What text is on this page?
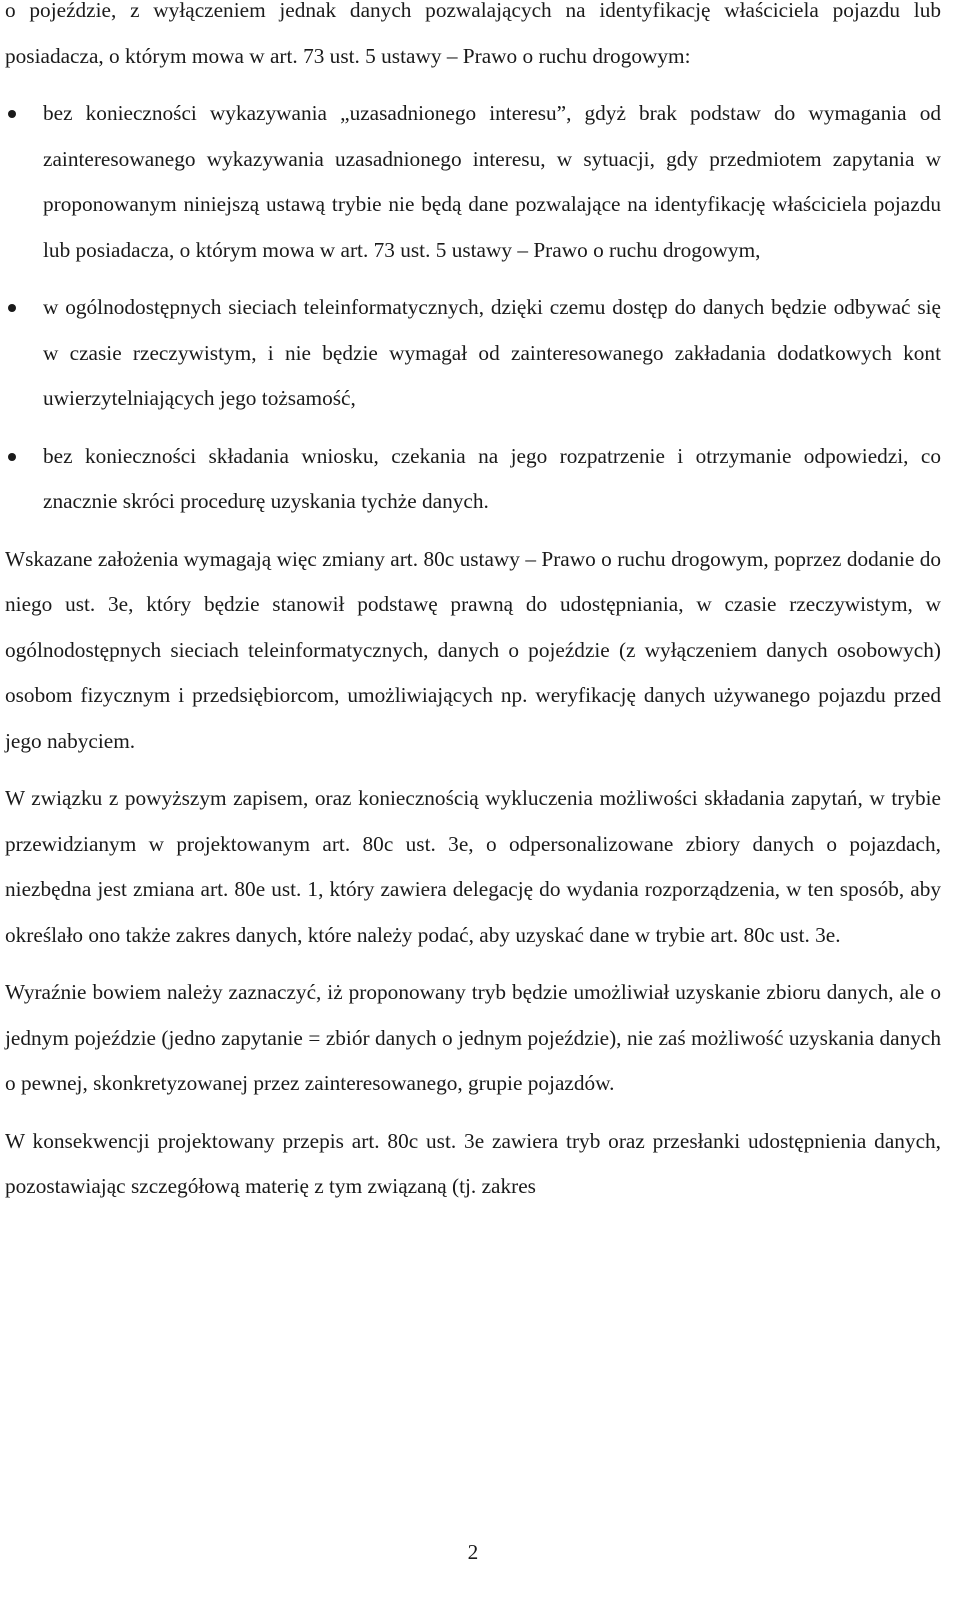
o pojeździe, z wyłączeniem jednak danych pozwalających na identyfikację właściciela pojazdu lub posiadacza, o którym mowa w art. 73 ust. 5 ustawy – Prawo o ruchu drogowym:

bez konieczności wykazywania „uzasadnionego interesu”, gdyż brak podstaw do wymagania od zainteresowanego wykazywania uzasadnionego interesu, w sytuacji, gdy przedmiotem zapytania w proponowanym niniejszą ustawą trybie nie będą dane pozwalające na identyfikację właściciela pojazdu lub posiadacza, o którym mowa w art. 73 ust. 5 ustawy – Prawo o ruchu drogowym,
w ogólnodostępnych sieciach teleinformatycznych, dzięki czemu dostęp do danych będzie odbywać się w czasie rzeczywistym, i nie będzie wymagał od zainteresowanego zakładania dodatkowych kont uwierzytelniających jego tożsamość,
bez konieczności składania wniosku, czekania na jego rozpatrzenie i otrzymanie odpowiedzi, co znacznie skróci procedurę uzyskania tychże danych.

Wskazane założenia wymagają więc zmiany art. 80c ustawy – Prawo o ruchu drogowym, poprzez dodanie do niego ust. 3e, który będzie stanowił podstawę prawną do udostępniania, w czasie rzeczywistym, w ogólnodostępnych sieciach teleinformatycznych, danych o pojeździe (z wyłączeniem danych osobowych) osobom fizycznym i przedsiębiorcom, umożliwiających np. weryfikację danych używanego pojazdu przed jego nabyciem.

W związku z powyższym zapisem, oraz koniecznością wykluczenia możliwości składania zapytań, w trybie przewidzianym w projektowanym art. 80c ust. 3e, o odpersonalizowane zbiory danych o pojazdach, niezbędna jest zmiana art. 80e ust. 1, który zawiera delegację do wydania rozporządzenia, w ten sposób, aby określało ono także zakres danych, które należy podać, aby uzyskać dane w trybie art. 80c ust. 3e.

Wyraźnie bowiem należy zaznaczyć, iż proponowany tryb będzie umożliwiał uzyskanie zbioru danych, ale o jednym pojeździe (jedno zapytanie = zbiór danych o jednym pojeździe), nie zaś możliwość uzyskania danych o pewnej, skonkretyzowanej przez zainteresowanego, grupie pojazdów.

W konsekwencji projektowany przepis art. 80c ust. 3e zawiera tryb oraz przesłanki udostępnienia danych, pozostawiając szczegółową materię z tym związaną (tj. zakres

2
